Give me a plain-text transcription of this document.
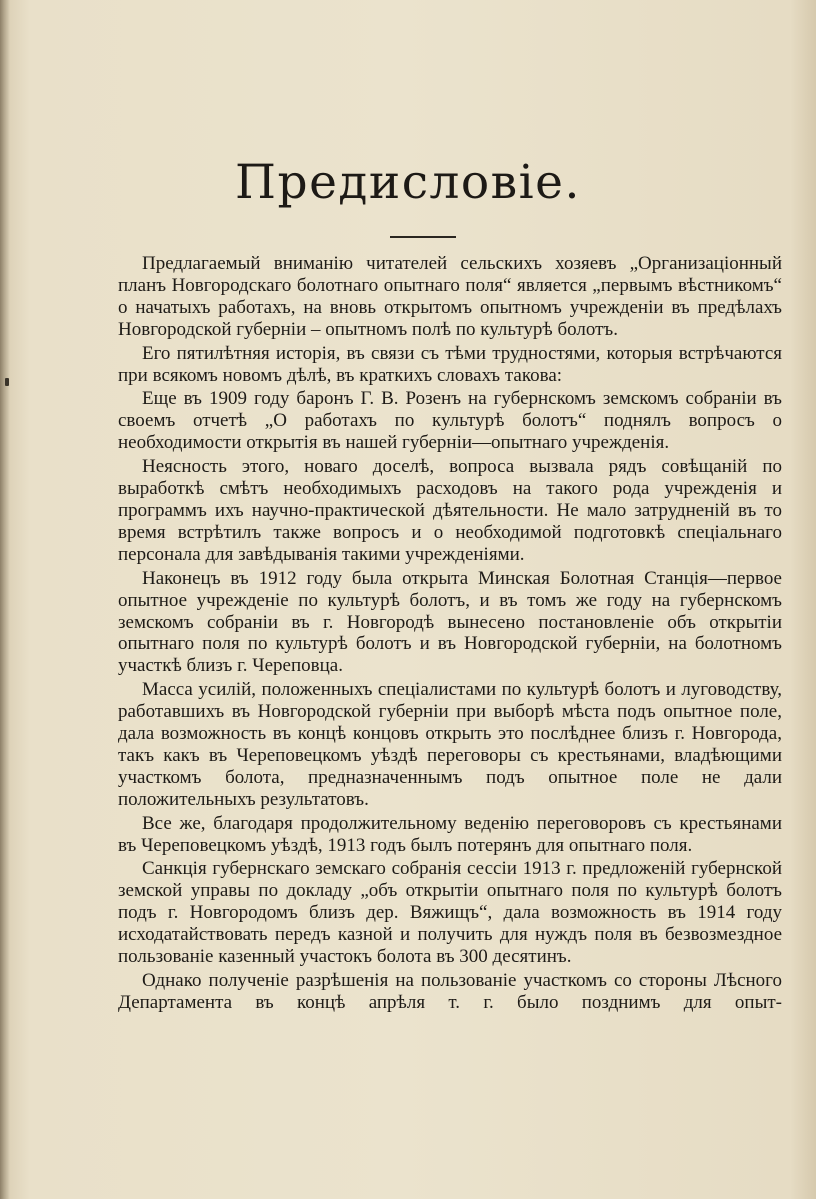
Предисловіе.

Предлагаемый вниманію читателей сельскихъ хозяевъ „Организаціонный планъ Новгородскаго болотнаго опытнаго поля“ является „первымъ вѣстникомъ“ о начатыхъ работахъ, на вновь открытомъ опытномъ учрежденіи въ предѣлахъ Новгородской губерніи – опытномъ полѣ по культурѣ болотъ.

Его пятилѣтняя исторія, въ связи съ тѣми трудностями, которыя встрѣчаются при всякомъ новомъ дѣлѣ, въ краткихъ словахъ такова:

Еще въ 1909 году баронъ Г. В. Розенъ на губернскомъ земскомъ собраніи въ своемъ отчетѣ „О работахъ по культурѣ болотъ“ поднялъ вопросъ о необходимости открытія въ нашей губерніи—опытнаго учрежденія.

Неясность этого, новаго доселѣ, вопроса вызвала рядъ совѣщаній по выработкѣ смѣтъ необходимыхъ расходовъ на такого рода учрежденія и программъ ихъ научно-практической дѣятельности. Не мало затрудненій въ то время встрѣтилъ также вопросъ и о необходимой подготовкѣ спеціальнаго персонала для завѣдыванія такими учрежденіями.

Наконецъ въ 1912 году была открыта Минская Болотная Станція—первое опытное учрежденіе по культурѣ болотъ, и въ томъ же году на губернскомъ земскомъ собраніи въ г. Новгородѣ вынесено постановленіе объ открытіи опытнаго поля по культурѣ болотъ и въ Новгородской губерніи, на болотномъ участкѣ близъ г. Череповца.

Масса усилій, положенныхъ спеціалистами по культурѣ болотъ и луговодству, работавшихъ въ Новгородской губерніи при выборѣ мѣста подъ опытное поле, дала возможность въ концѣ концовъ открыть это послѣднее близъ г. Новгорода, такъ какъ въ Череповецкомъ уѣздѣ переговоры съ крестьянами, владѣющими участкомъ болота, предназначеннымъ подъ опытное поле не дали положительныхъ результатовъ.

Все же, благодаря продолжительному веденію переговоровъ съ крестьянами въ Череповецкомъ уѣздѣ, 1913 годъ былъ потерянъ для опытнаго поля.

Санкція губернскаго земскаго собранія сессіи 1913 г. предложеній губернской земской управы по докладу „объ открытіи опытнаго поля по культурѣ болотъ подъ г. Новгородомъ близъ дер. Вяжищъ“, дала возможность въ 1914 году исходатайствовать передъ казной и получить для нуждъ поля въ безвозмездное пользованіе казенный участокъ болота въ 300 десятинъ.

Однако полученіе разрѣшенія на пользованіе участкомъ со стороны Лѣсного Департамента въ концѣ апрѣля т. г. было позднимъ для опыт-
